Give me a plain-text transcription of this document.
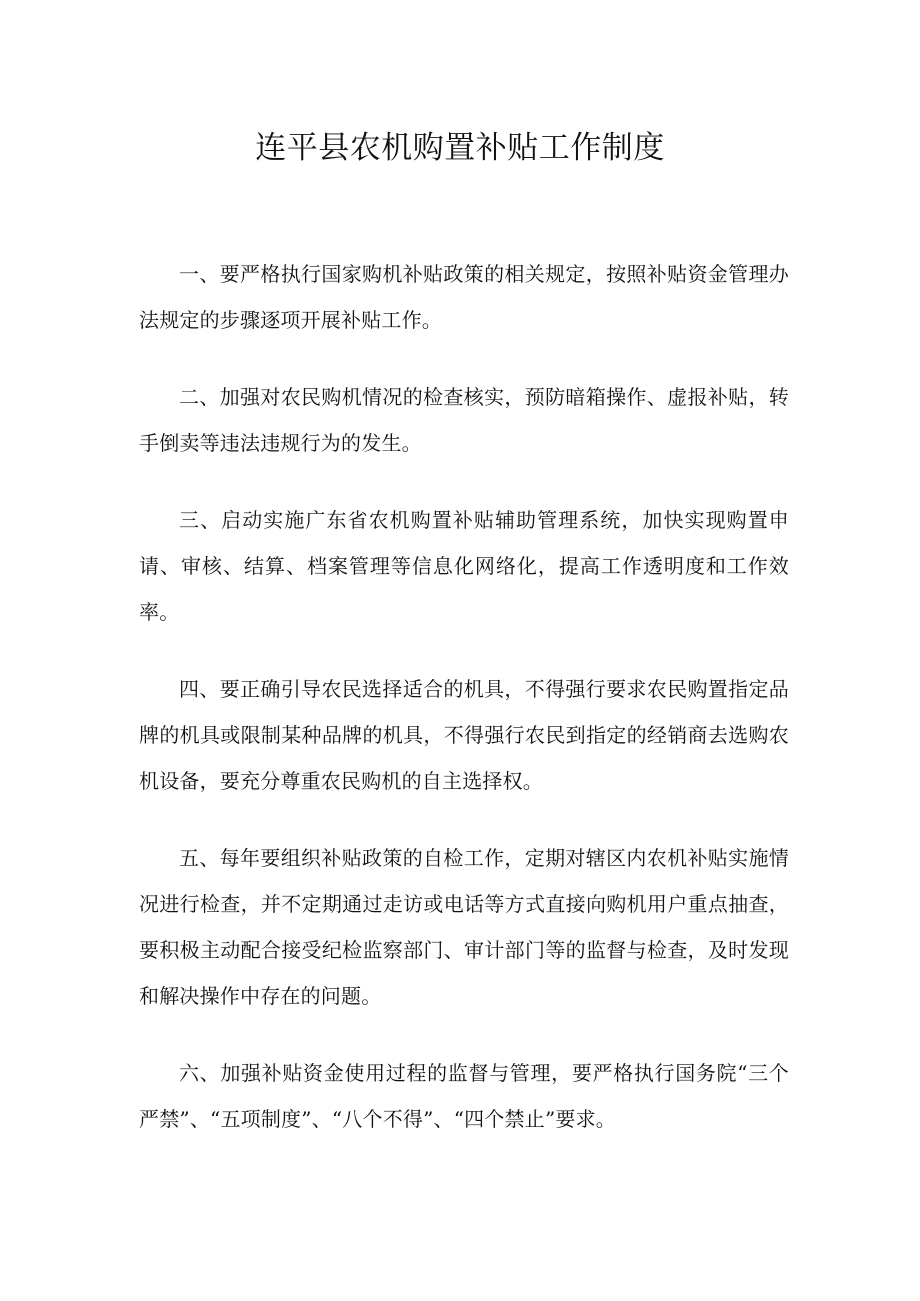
连平县农机购置补贴工作制度

一、要严格执行国家购机补贴政策的相关规定，按照补贴资金管理办法规定的步骤逐项开展补贴工作。

二、加强对农民购机情况的检查核实，预防暗箱操作、虚报补贴，转手倒卖等违法违规行为的发生。

三、启动实施广东省农机购置补贴辅助管理系统，加快实现购置申请、审核、结算、档案管理等信息化网络化，提高工作透明度和工作效率。

四、要正确引导农民选择适合的机具，不得强行要求农民购置指定品牌的机具或限制某种品牌的机具，不得强行农民到指定的经销商去选购农机设备，要充分尊重农民购机的自主选择权。

五、每年要组织补贴政策的自检工作，定期对辖区内农机补贴实施情况进行检查，并不定期通过走访或电话等方式直接向购机用户重点抽查，要积极主动配合接受纪检监察部门、审计部门等的监督与检查，及时发现和解决操作中存在的问题。

六、加强补贴资金使用过程的监督与管理，要严格执行国务院“三个严禁”、“五项制度”、“八个不得”、“四个禁止”要求。
